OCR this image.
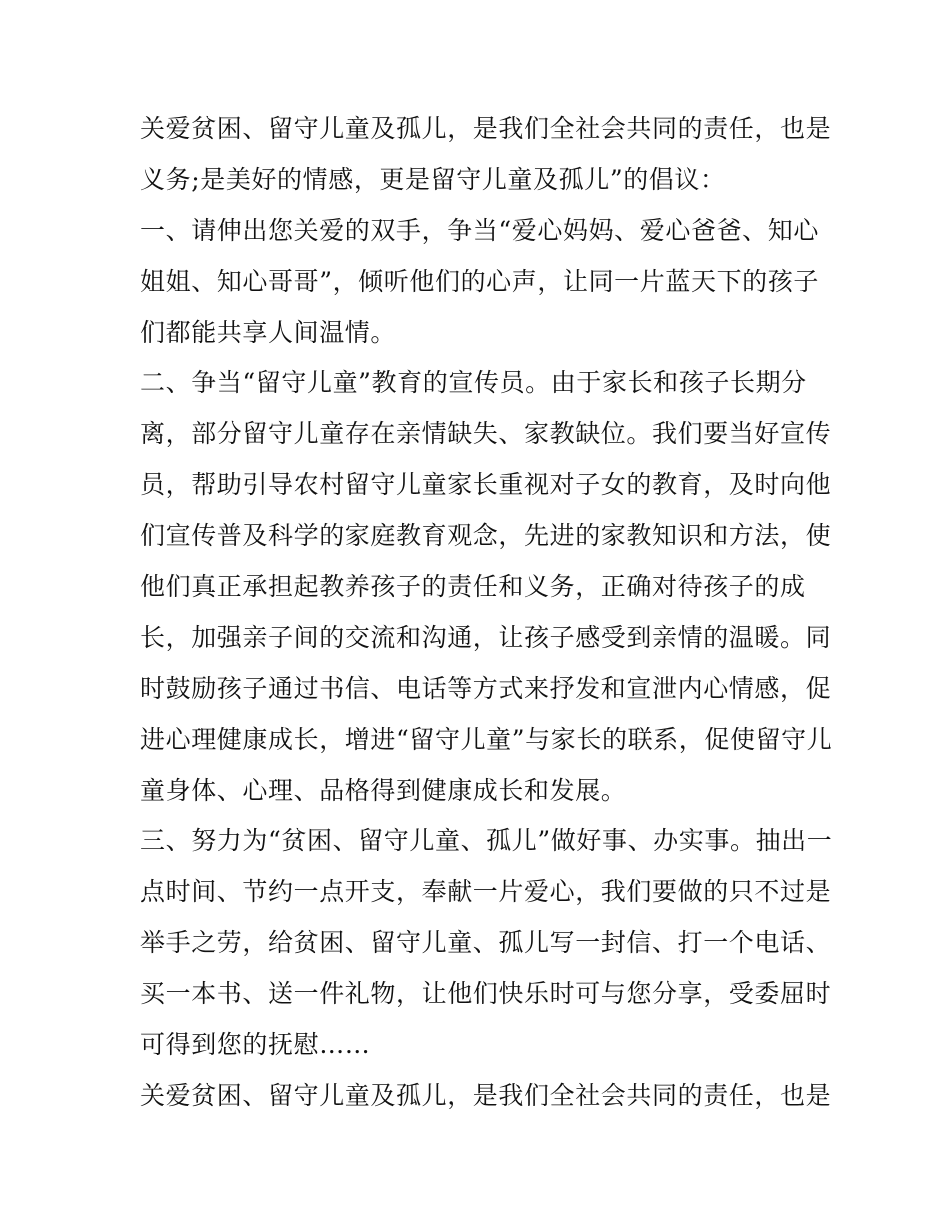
关爱贫困、留守儿童及孤儿，是我们全社会共同的责任，也是
义务;是美好的情感，更是留守儿童及孤儿”的倡议：
一、请伸出您关爱的双手，争当“爱心妈妈、爱心爸爸、知心
姐姐、知心哥哥”，倾听他们的心声，让同一片蓝天下的孩子
们都能共享人间温情。
二、争当“留守儿童”教育的宣传员。由于家长和孩子长期分
离，部分留守儿童存在亲情缺失、家教缺位。我们要当好宣传
员，帮助引导农村留守儿童家长重视对子女的教育，及时向他
们宣传普及科学的家庭教育观念，先进的家教知识和方法，使
他们真正承担起教养孩子的责任和义务，正确对待孩子的成
长，加强亲子间的交流和沟通，让孩子感受到亲情的温暖。同
时鼓励孩子通过书信、电话等方式来抒发和宣泄内心情感，促
进心理健康成长，增进“留守儿童”与家长的联系，促使留守儿
童身体、心理、品格得到健康成长和发展。
三、努力为“贫困、留守儿童、孤儿”做好事、办实事。抽出一
点时间、节约一点开支，奉献一片爱心，我们要做的只不过是
举手之劳，给贫困、留守儿童、孤儿写一封信、打一个电话、
买一本书、送一件礼物，让他们快乐时可与您分享，受委屈时
可得到您的抚慰……
关爱贫困、留守儿童及孤儿，是我们全社会共同的责任，也是
